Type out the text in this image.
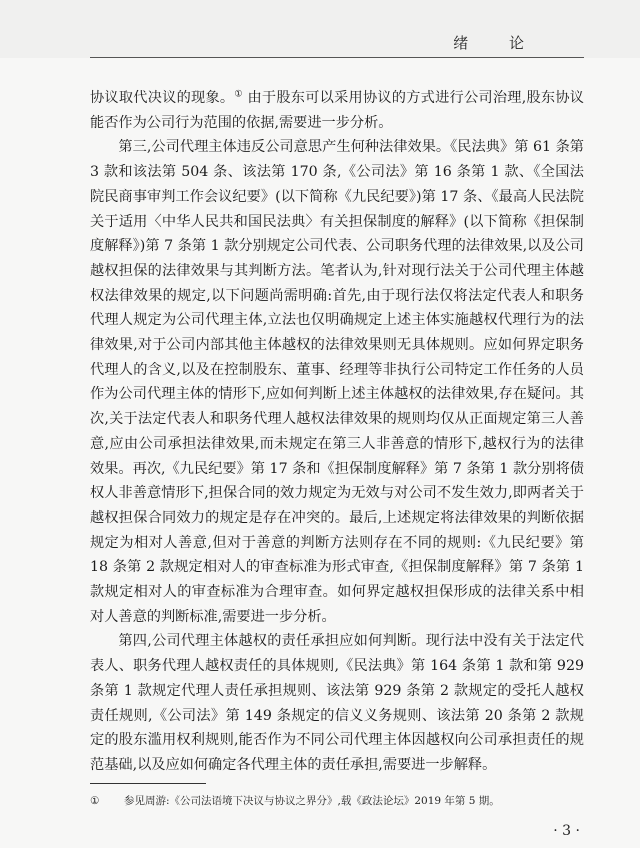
绪 论

协议取代决议的现象。① 由于股东可以采用协议的方式进行公司治理,股东协议能否作为公司行为范围的依据,需要进一步分析。

第三,公司代理主体违反公司意思产生何种法律效果。《民法典》第 61 条第 3 款和该法第 504 条、该法第 170 条,《公司法》第 16 条第 1 款、《全国法院民商事审判工作会议纪要》(以下简称《九民纪要》)第 17 条、《最高人民法院关于适用〈中华人民共和国民法典〉有关担保制度的解释》(以下简称《担保制度解释》)第 7 条第 1 款分别规定公司代表、公司职务代理的法律效果,以及公司越权担保的法律效果与其判断方法。笔者认为,针对现行法关于公司代理主体越权法律效果的规定,以下问题尚需明确:首先,由于现行法仅将法定代表人和职务代理人规定为公司代理主体,立法也仅明确规定上述主体实施越权代理行为的法律效果,对于公司内部其他主体越权的法律效果则无具体规则。应如何界定职务代理人的含义,以及在控制股东、董事、经理等非执行公司特定工作任务的人员作为公司代理主体的情形下,应如何判断上述主体越权的法律效果,存在疑问。其次,关于法定代表人和职务代理人越权法律效果的规则均仅从正面规定第三人善意,应由公司承担法律效果,而未规定在第三人非善意的情形下,越权行为的法律效果。再次,《九民纪要》第 17 条和《担保制度解释》第 7 条第 1 款分别将债权人非善意情形下,担保合同的效力规定为无效与对公司不发生效力,即两者关于越权担保合同效力的规定是存在冲突的。最后,上述规定将法律效果的判断依据规定为相对人善意,但对于善意的判断方法则存在不同的规则:《九民纪要》第 18 条第 2 款规定相对人的审查标准为形式审查,《担保制度解释》第 7 条第 1 款规定相对人的审查标准为合理审查。如何界定越权担保形成的法律关系中相对人善意的判断标准,需要进一步分析。

第四,公司代理主体越权的责任承担应如何判断。现行法中没有关于法定代表人、职务代理人越权责任的具体规则,《民法典》第 164 条第 1 款和第 929 条第 1 款规定代理人责任承担规则、该法第 929 条第 2 款规定的受托人越权责任规则,《公司法》第 149 条规定的信义义务规则、该法第 20 条第 2 款规定的股东滥用权利规则,能否作为不同公司代理主体因越权向公司承担责任的规范基础,以及应如何确定各代理主体的责任承担,需要进一步解释。

① 参见周游:《公司法语境下决议与协议之界分》,载《政法论坛》2019 年第 5 期。
· 3 ·
